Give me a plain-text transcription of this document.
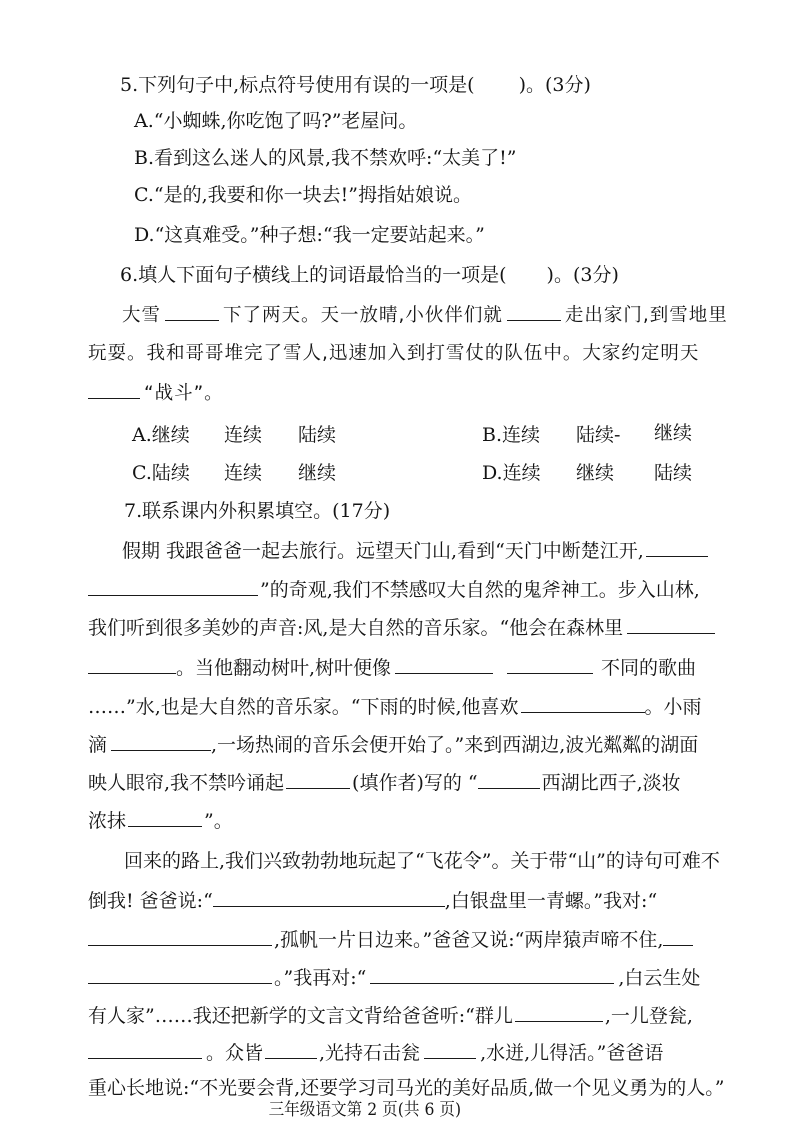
5.下列句子中,标点符号使用有误的一项是( )。(3分)
A.“小蜘蛛,你吃饱了吗?”老屋问。
B.看到这么迷人的风景,我不禁欢呼:“太美了!”
C.“是的,我要和你一块去!”拇指姑娘说。
D.“这真难受。”种子想:“我一定要站起来。”
6.填人下面句子横线上的词语最恰当的一项是( )。(3分)
大雪	下了两天。天一放晴,小伙伴们就	走出家门,到雪地里
玩耍。我和哥哥堆完了雪人,迅速加入到打雪仗的队伍中。大家约定明天
“战斗”。
A.继续 连续 陆续	B.连续 陆续- 继续
C.陆续 连续 继续	D.连续 继续 陆续
7.联系课内外积累填空。(17分)
假期 我跟爸爸一起去旅行。远望天门山,看到“天门中断楚江开,
”的奇观,我们不禁感叹大自然的鬼斧神工。步入山林,
我们听到很多美妙的声音:风,是大自然的音乐家。“他会在森林里
。当他翻动树叶,树叶便像	不同的歌曲
……”水,也是大自然的音乐家。“下雨的时候,他喜欢	。小雨
滴	,一场热闹的音乐会便开始了。”来到西湖边,波光粼粼的湖面
映人眼帘,我不禁吟诵起	(填作者)写的 “	西湖比西子,淡妆
浓抹	”。
回来的路上,我们兴致勃勃地玩起了“飞花令”。关于带“山”的诗句可难不
倒我! 爸爸说:“	,白银盘里一青螺。”我对:“
,孤帆一片日边来。”爸爸又说:“两岸猿声啼不住,
。”我再对:“	,白云生处
有人家”……我还把新学的文言文背给爸爸听:“群儿	,一儿登瓮,
。众皆	,光持石击瓮	,水迸,儿得活。”爸爸语
重心长地说:“不光要会背,还要学习司马光的美好品质,做一个见义勇为的人。”
三年级语文第 2 页(共 6 页)
